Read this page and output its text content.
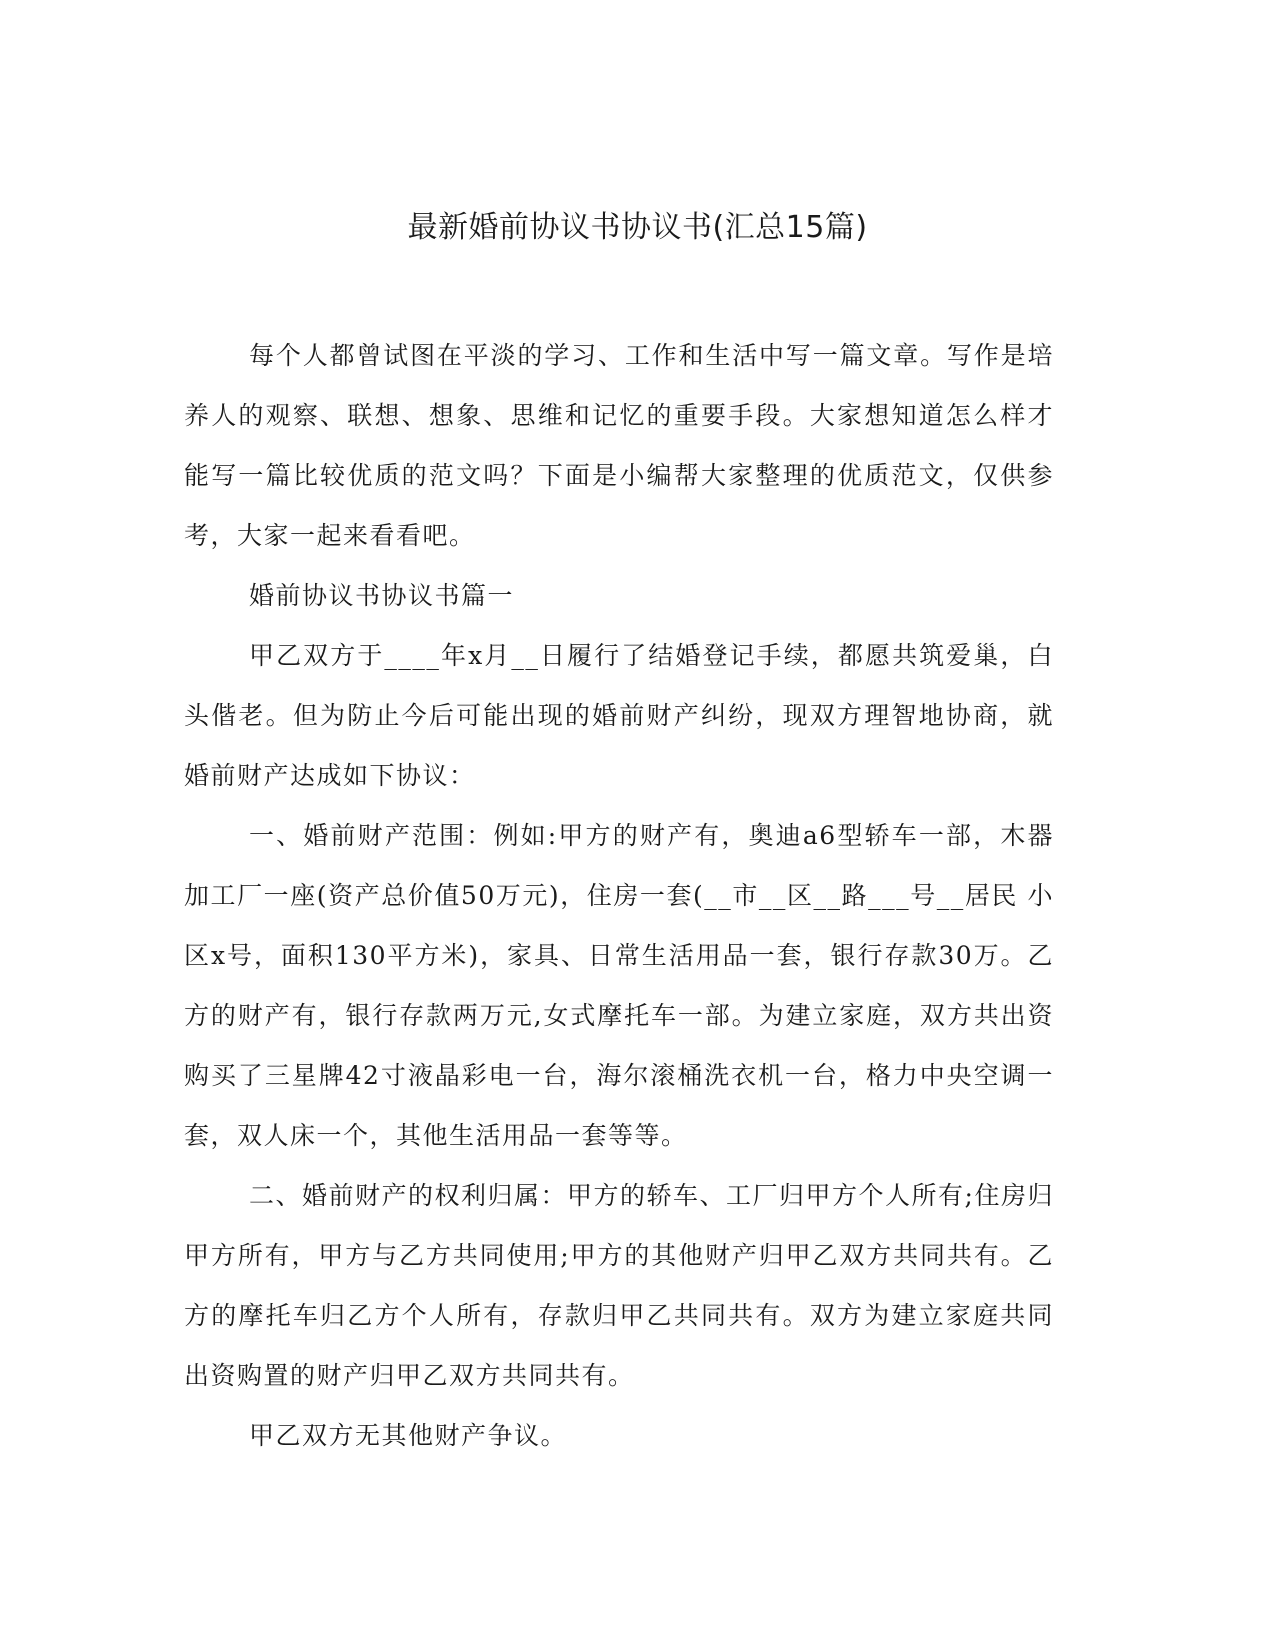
最新婚前协议书协议书(汇总15篇)

每个人都曾试图在平淡的学习、工作和生活中写一篇文章。写作是培养人的观察、联想、想象、思维和记忆的重要手段。大家想知道怎么样才能写一篇比较优质的范文吗？下面是小编帮大家整理的优质范文，仅供参考，大家一起来看看吧。

婚前协议书协议书篇一

甲乙双方于____年x月__日履行了结婚登记手续，都愿共筑爱巢，白头偕老。但为防止今后可能出现的婚前财产纠纷，现双方理智地协商，就婚前财产达成如下协议：

一、婚前财产范围：例如:甲方的财产有，奥迪a6型轿车一部，木器加工厂一座(资产总价值50万元)，住房一套(__市__区__路___号__居民 小区x号，面积130平方米)，家具、日常生活用品一套，银行存款30万。乙方的财产有，银行存款两万元,女式摩托车一部。为建立家庭，双方共出资 购买了三星牌42寸液晶彩电一台，海尔滚桶洗衣机一台，格力中央空调一套，双人床一个，其他生活用品一套等等。

二、婚前财产的权利归属：甲方的轿车、工厂归甲方个人所有;住房归甲方所有，甲方与乙方共同使用;甲方的其他财产归甲乙双方共同共有。乙方的摩托车归乙方个人所有，存款归甲乙共同共有。双方为建立家庭共同出资购置的财产归甲乙双方共同共有。

甲乙双方无其他财产争议。
